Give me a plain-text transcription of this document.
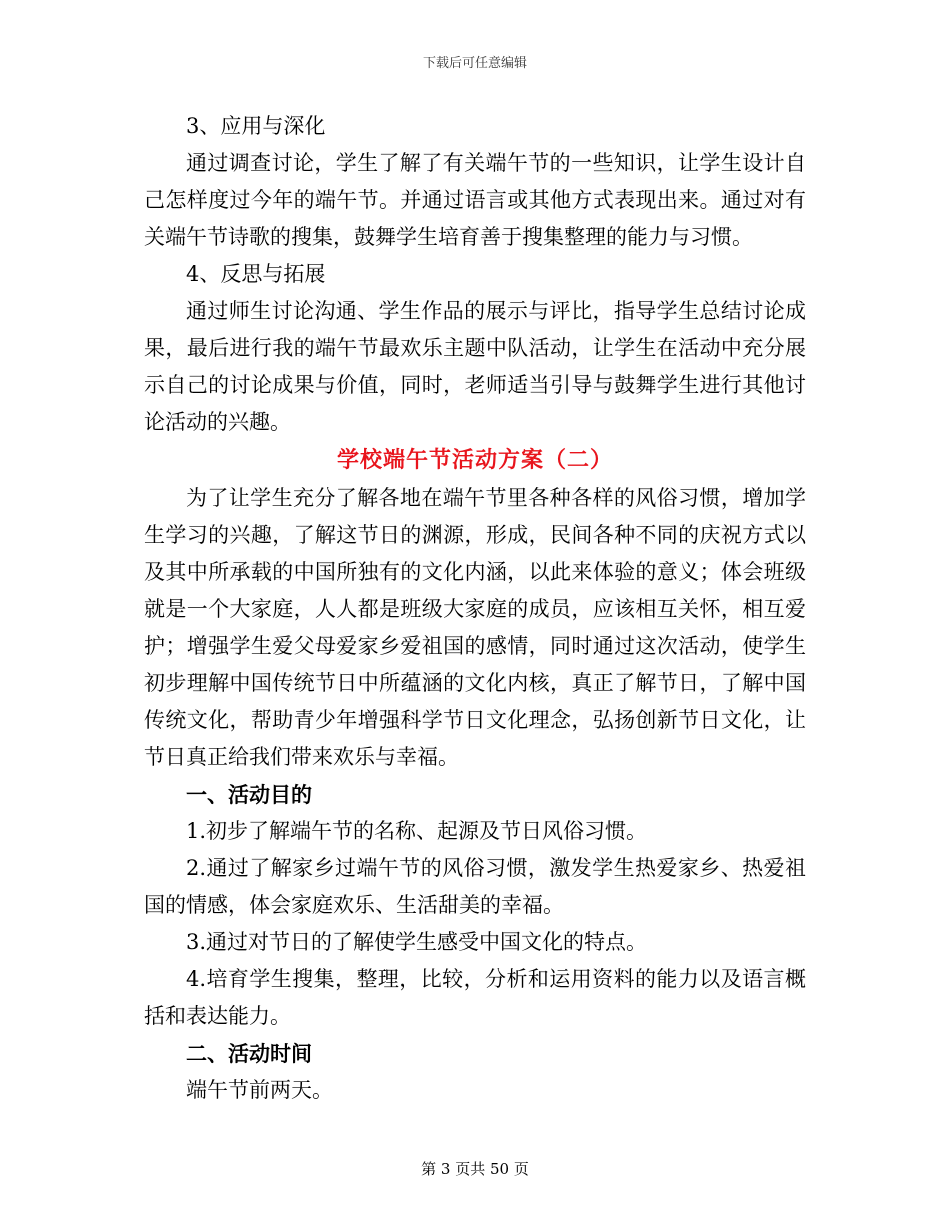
下载后可任意编辑

3、应用与深化

通过调查讨论，学生了解了有关端午节的一些知识，让学生设计自己怎样度过今年的端午节。并通过语言或其他方式表现出来。通过对有关端午节诗歌的搜集，鼓舞学生培育善于搜集整理的能力与习惯。

4、反思与拓展

通过师生讨论沟通、学生作品的展示与评比，指导学生总结讨论成果，最后进行我的端午节最欢乐主题中队活动，让学生在活动中充分展示自己的讨论成果与价值，同时，老师适当引导与鼓舞学生进行其他讨论活动的兴趣。

学校端午节活动方案（二）

为了让学生充分了解各地在端午节里各种各样的风俗习惯，增加学生学习的兴趣，了解这节日的渊源，形成，民间各种不同的庆祝方式以及其中所承载的中国所独有的文化内涵，以此来体验的意义；体会班级就是一个大家庭，人人都是班级大家庭的成员，应该相互关怀，相互爱护；增强学生爱父母爱家乡爱祖国的感情，同时通过这次活动，使学生初步理解中国传统节日中所蕴涵的文化内核，真正了解节日，了解中国传统文化，帮助青少年增强科学节日文化理念，弘扬创新节日文化，让节日真正给我们带来欢乐与幸福。

一、活动目的

1.初步了解端午节的名称、起源及节日风俗习惯。

2.通过了解家乡过端午节的风俗习惯，激发学生热爱家乡、热爱祖国的情感，体会家庭欢乐、生活甜美的幸福。

3.通过对节日的了解使学生感受中国文化的特点。

4.培育学生搜集，整理，比较，分析和运用资料的能力以及语言概括和表达能力。

二、活动时间

端午节前两天。

第 3 页共 50 页
